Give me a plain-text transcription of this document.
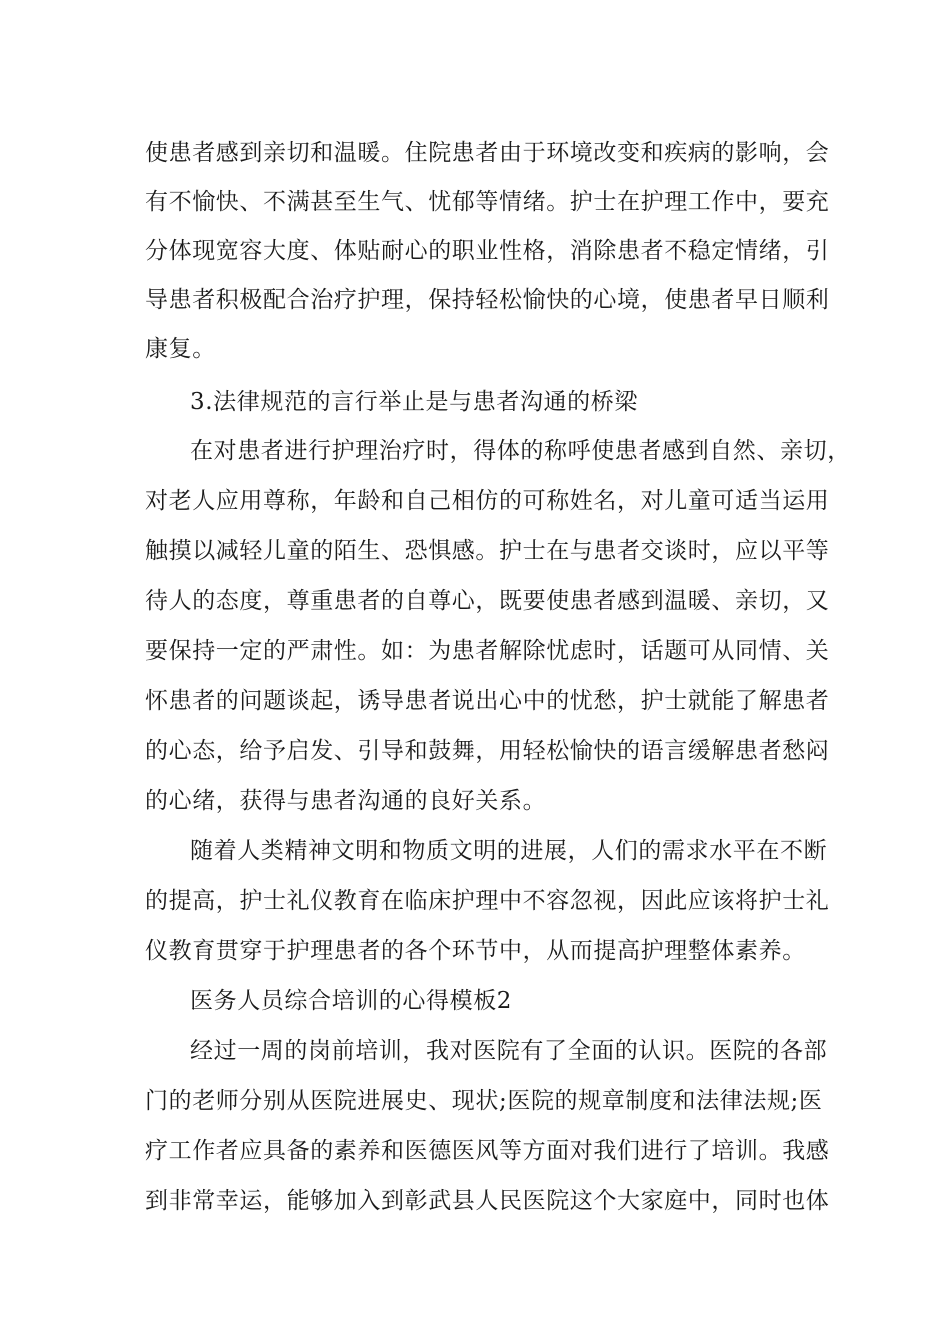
使患者感到亲切和温暖。住院患者由于环境改变和疾病的影响，会
有不愉快、不满甚至生气、忧郁等情绪。护士在护理工作中，要充
分体现宽容大度、体贴耐心的职业性格，消除患者不稳定情绪，引
导患者积极配合治疗护理，保持轻松愉快的心境，使患者早日顺利
康复。
3.法律规范的言行举止是与患者沟通的桥梁
在对患者进行护理治疗时，得体的称呼使患者感到自然、亲切，
对老人应用尊称，年龄和自己相仿的可称姓名，对儿童可适当运用
触摸以减轻儿童的陌生、恐惧感。护士在与患者交谈时，应以平等
待人的态度，尊重患者的自尊心，既要使患者感到温暖、亲切，又
要保持一定的严肃性。如：为患者解除忧虑时，话题可从同情、关
怀患者的问题谈起，诱导患者说出心中的忧愁，护士就能了解患者
的心态，给予启发、引导和鼓舞，用轻松愉快的语言缓解患者愁闷
的心绪，获得与患者沟通的良好关系。
随着人类精神文明和物质文明的进展，人们的需求水平在不断
的提高，护士礼仪教育在临床护理中不容忽视，因此应该将护士礼
仪教育贯穿于护理患者的各个环节中，从而提高护理整体素养。
医务人员综合培训的心得模板2
经过一周的岗前培训，我对医院有了全面的认识。医院的各部
门的老师分别从医院进展史、现状;医院的规章制度和法律法规;医
疗工作者应具备的素养和医德医风等方面对我们进行了培训。我感
到非常幸运，能够加入到彰武县人民医院这个大家庭中，同时也体
